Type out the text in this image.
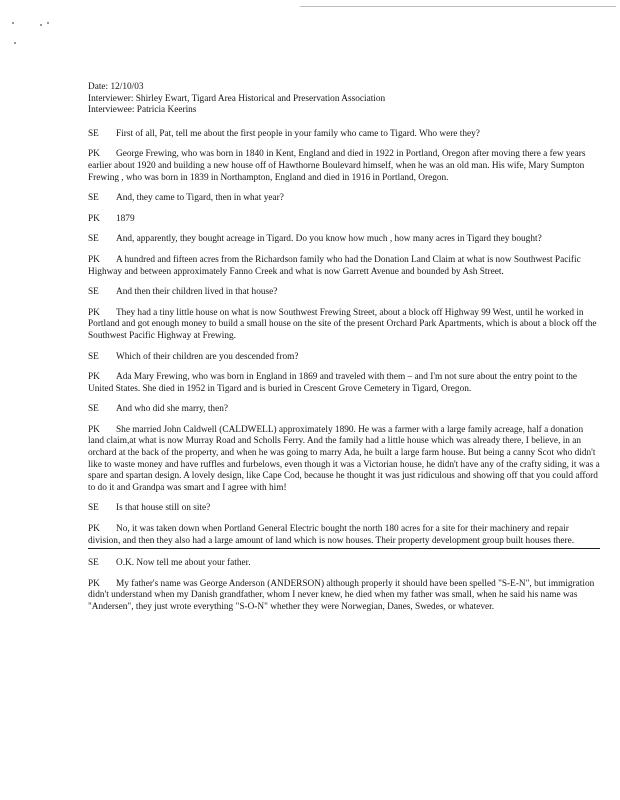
Date: 12/10/03
Interviewer: Shirley Ewart, Tigard Area Historical and Preservation Association
Interviewee: Patricia Keerins
SE	First of all, Pat, tell me about the first people in your family who came to Tigard. Who were they?
PK	George Frewing, who was born in 1840 in Kent, England and died in 1922 in Portland, Oregon after moving there a few years earlier about 1920 and building a new house off of Hawthorne Boulevard himself, when he was an old man. His wife, Mary Sumpton Frewing , who was born in 1839 in Northampton, England and died in 1916 in Portland, Oregon.
SE	And, they came to Tigard, then in what year?
PK	1879
SE	And, apparently, they bought acreage in Tigard. Do you know how much , how many acres in Tigard they bought?
PK	A hundred and fifteen acres from the Richardson family who had the Donation Land Claim at what is now Southwest Pacific Highway and between approximately Fanno Creek and what is now Garrett Avenue and bounded by Ash Street.
SE	And then their children lived in that house?
PK	They had a tiny little house on what is now Southwest Frewing Street, about a block off Highway 99 West, until he worked in Portland and got enough money to build a small house on the site of the present Orchard Park Apartments, which is about a block off the Southwest Pacific Highway at Frewing.
SE	Which of their children are you descended from?
PK	Ada Mary Frewing, who was born in England in 1869 and traveled with them – and I'm not sure about the entry point to the United States. She died in 1952 in Tigard and is buried in Crescent Grove Cemetery in Tigard, Oregon.
SE	And who did she marry, then?
PK	She married John Caldwell (CALDWELL) approximately 1890. He was a farmer with a large family acreage, half a donation land claim,at what is now Murray Road and Scholls Ferry. And the family had a little house which was already there, I believe, in an orchard at the back of the property, and when he was going to marry Ada, he built a large farm house. But being a canny Scot who didn't like to waste money and have ruffles and furbelows, even though it was a Victorian house, he didn't have any of the crafty siding, it was a spare and spartan design. A lovely design, like Cape Cod, because he thought it was just ridiculous and showing off that you could afford to do it and Grandpa was smart and I agree with him!
SE	Is that house still on site?
PK	No, it was taken down when Portland General Electric bought the north 180 acres for a site for their machinery and repair division, and then they also had a large amount of land which is now houses. Their property development group built houses there.
SE	O.K. Now tell me about your father.
PK	My father's name was George Anderson (ANDERSON) although properly it should have been spelled "S-E-N", but immigration didn't understand when my Danish grandfather, whom I never knew, he died when my father was small, when he said his name was "Andersen", they just wrote everything "S-O-N" whether they were Norwegian, Danes, Swedes, or whatever.
